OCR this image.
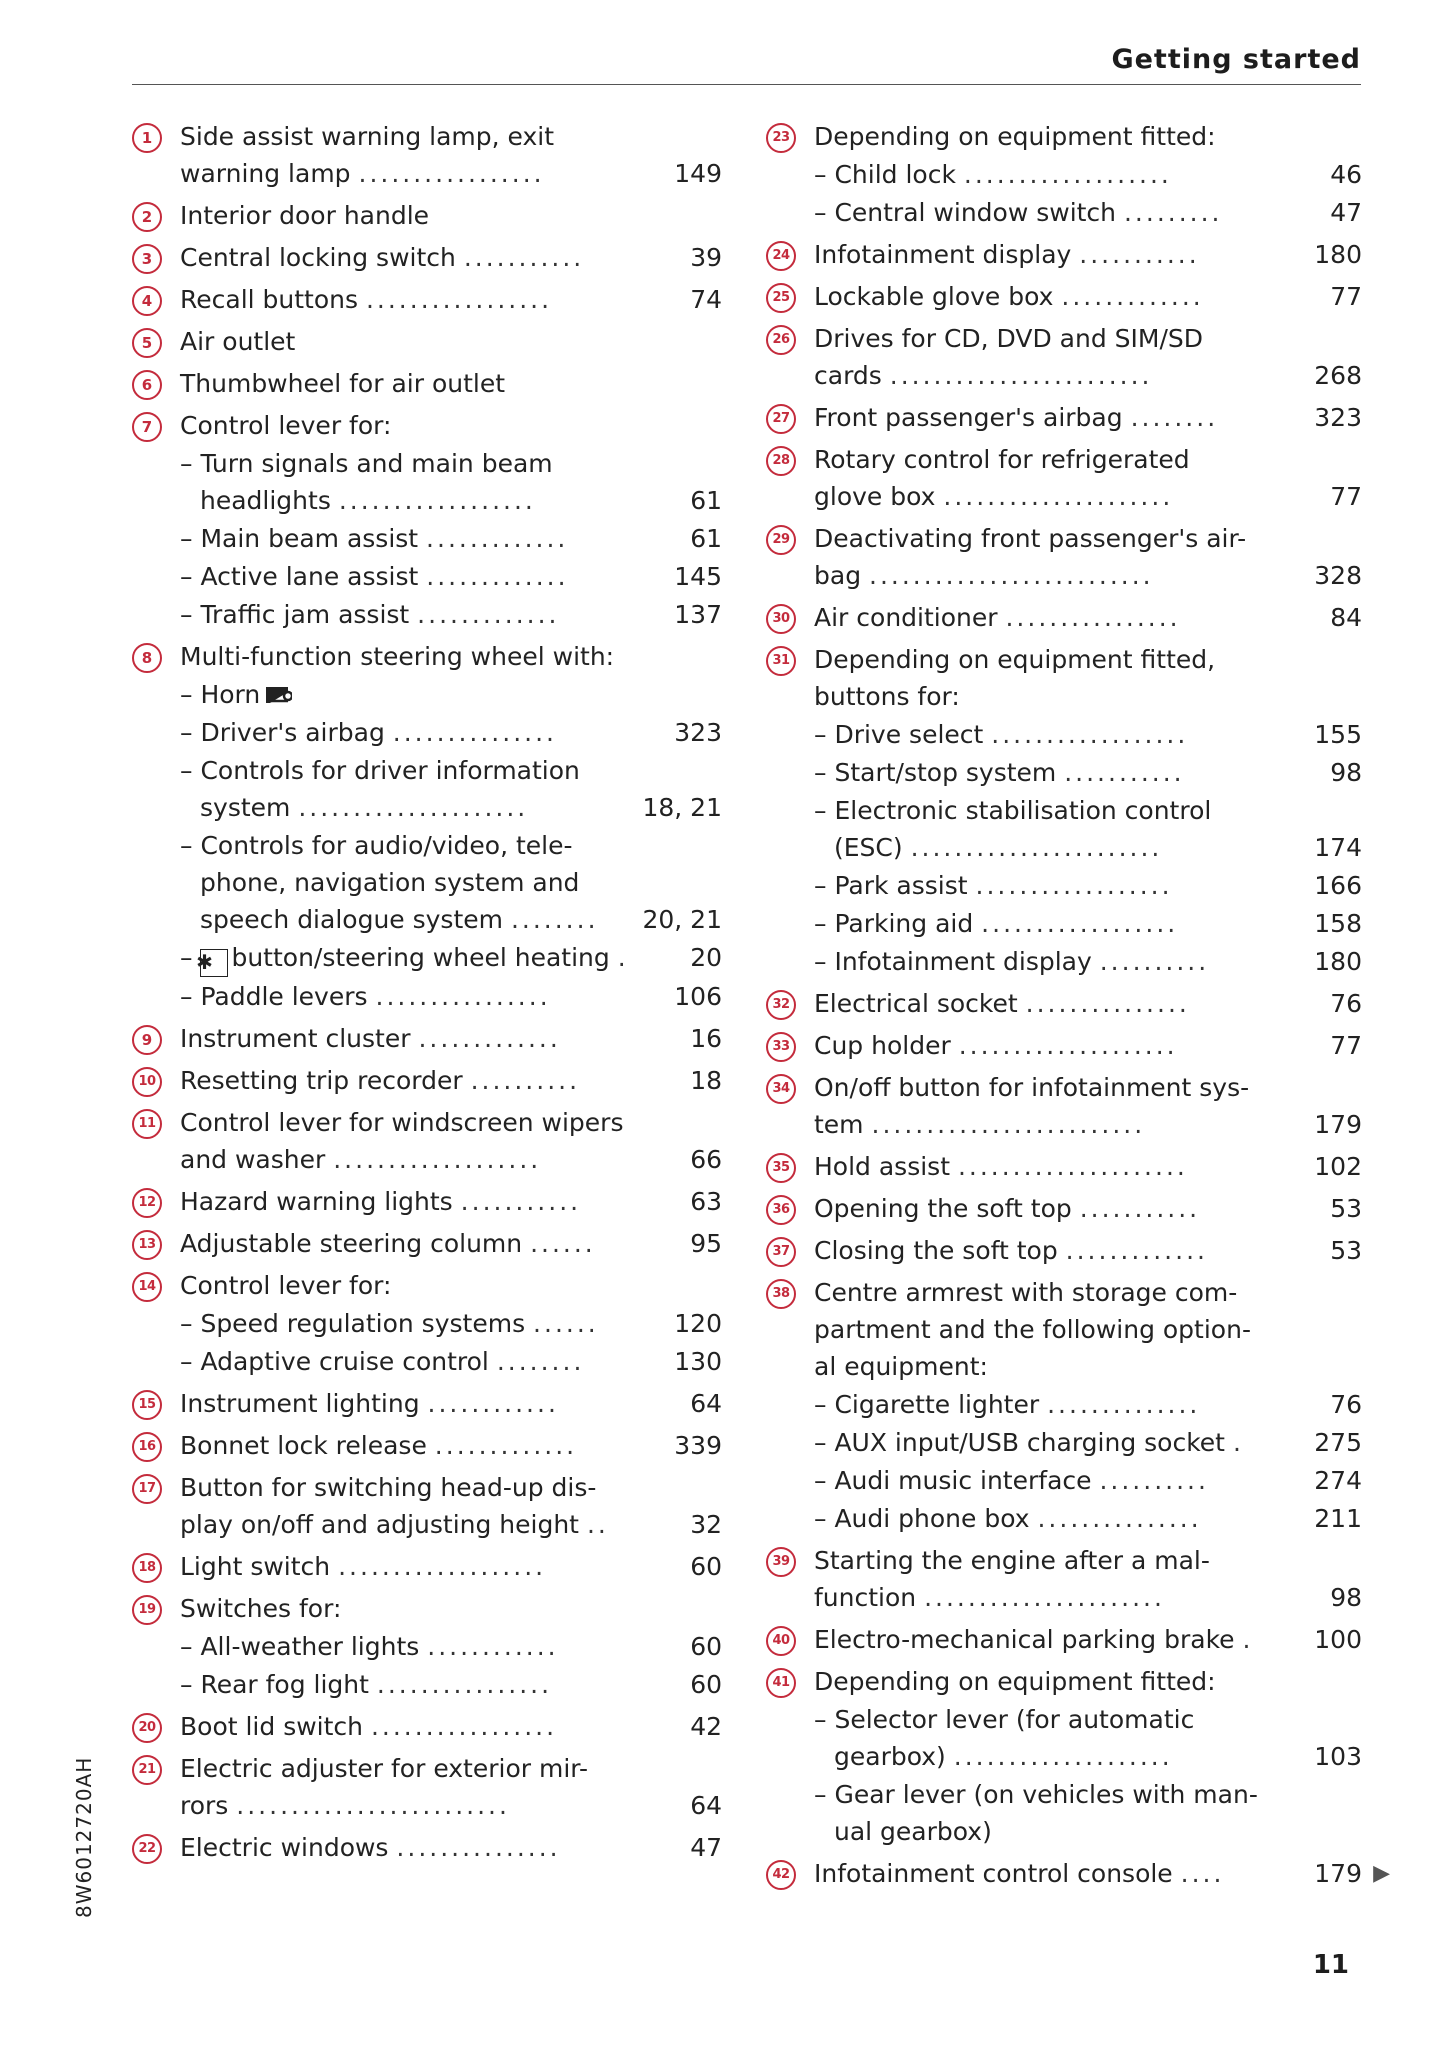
Getting started
1	Side assist warning lamp, exit
warning lamp .................	149
2	Interior door handle
3	Central locking switch ...........	39
4	Recall buttons .................	74
5	Air outlet
6	Thumbwheel for air outlet
7	Control lever for:
– Turn signals and main beam
headlights ..................	61
– Main beam assist .............	61
– Active lane assist .............	145
– Traffic jam assist .............	137
8	Multi-function steering wheel with:
– Horn
– Driver's airbag ...............	323
– Controls for driver information
system .....................	18, 21
– Controls for audio/video, tele-
phone, navigation system and
speech dialogue system ........ 20, 21
– ✱ button/steering wheel heating . 20
– Paddle levers ................	106
9	Instrument cluster .............	16
10 Resetting trip recorder ..........	18
11 Control lever for windscreen wipers
and washer ...................	66
12 Hazard warning lights ...........	63
13 Adjustable steering column ......	95
14 Control lever for:
– Speed regulation systems ......	120
– Adaptive cruise control ........	130
15 Instrument lighting ............	64
16 Bonnet lock release .............	339
17 Button for switching head-up dis-
play on/off and adjusting height ..	32
18 Light switch ...................	60
19 Switches for:
– All-weather lights ............	60
– Rear fog light ................	60
20 Boot lid switch .................	42
21 Electric adjuster for exterior mir-
rors .........................	64
22 Electric windows ...............	47
23 Depending on equipment fitted:
– Child lock ...................	46
– Central window switch .........	47
24 Infotainment display ...........	180
25 Lockable glove box .............	77
26 Drives for CD, DVD and SIM/SD
cards ........................	268
27 Front passenger's airbag ........	323
28 Rotary control for refrigerated
glove box .....................	77
29 Deactivating front passenger's air-
bag ..........................	328
30 Air conditioner ................	84
31 Depending on equipment fitted,
buttons for:
– Drive select ..................	155
– Start/stop system ...........	98
– Electronic stabilisation control
(ESC) .......................	174
– Park assist ..................	166
– Parking aid ..................	158
– Infotainment display ..........	180
32 Electrical socket ...............	76
33 Cup holder ....................	77
34 On/off button for infotainment sys-
tem .........................	179
35 Hold assist .....................	102
36 Opening the soft top ...........	53
37 Closing the soft top .............	53
38 Centre armrest with storage com-
partment and the following option-
al equipment:
– Cigarette lighter ..............	76
– AUX input/USB charging socket .	275
– Audi music interface ..........	274
– Audi phone box ...............	211
39 Starting the engine after a mal-
function ......................	98
40 Electro-mechanical parking brake . 100
41 Depending on equipment fitted:
– Selector lever (for automatic
gearbox) ....................	103
– Gear lever (on vehicles with man-
ual gearbox)
42 Infotainment control console ....	179 ▶
8W6012720AH
11
